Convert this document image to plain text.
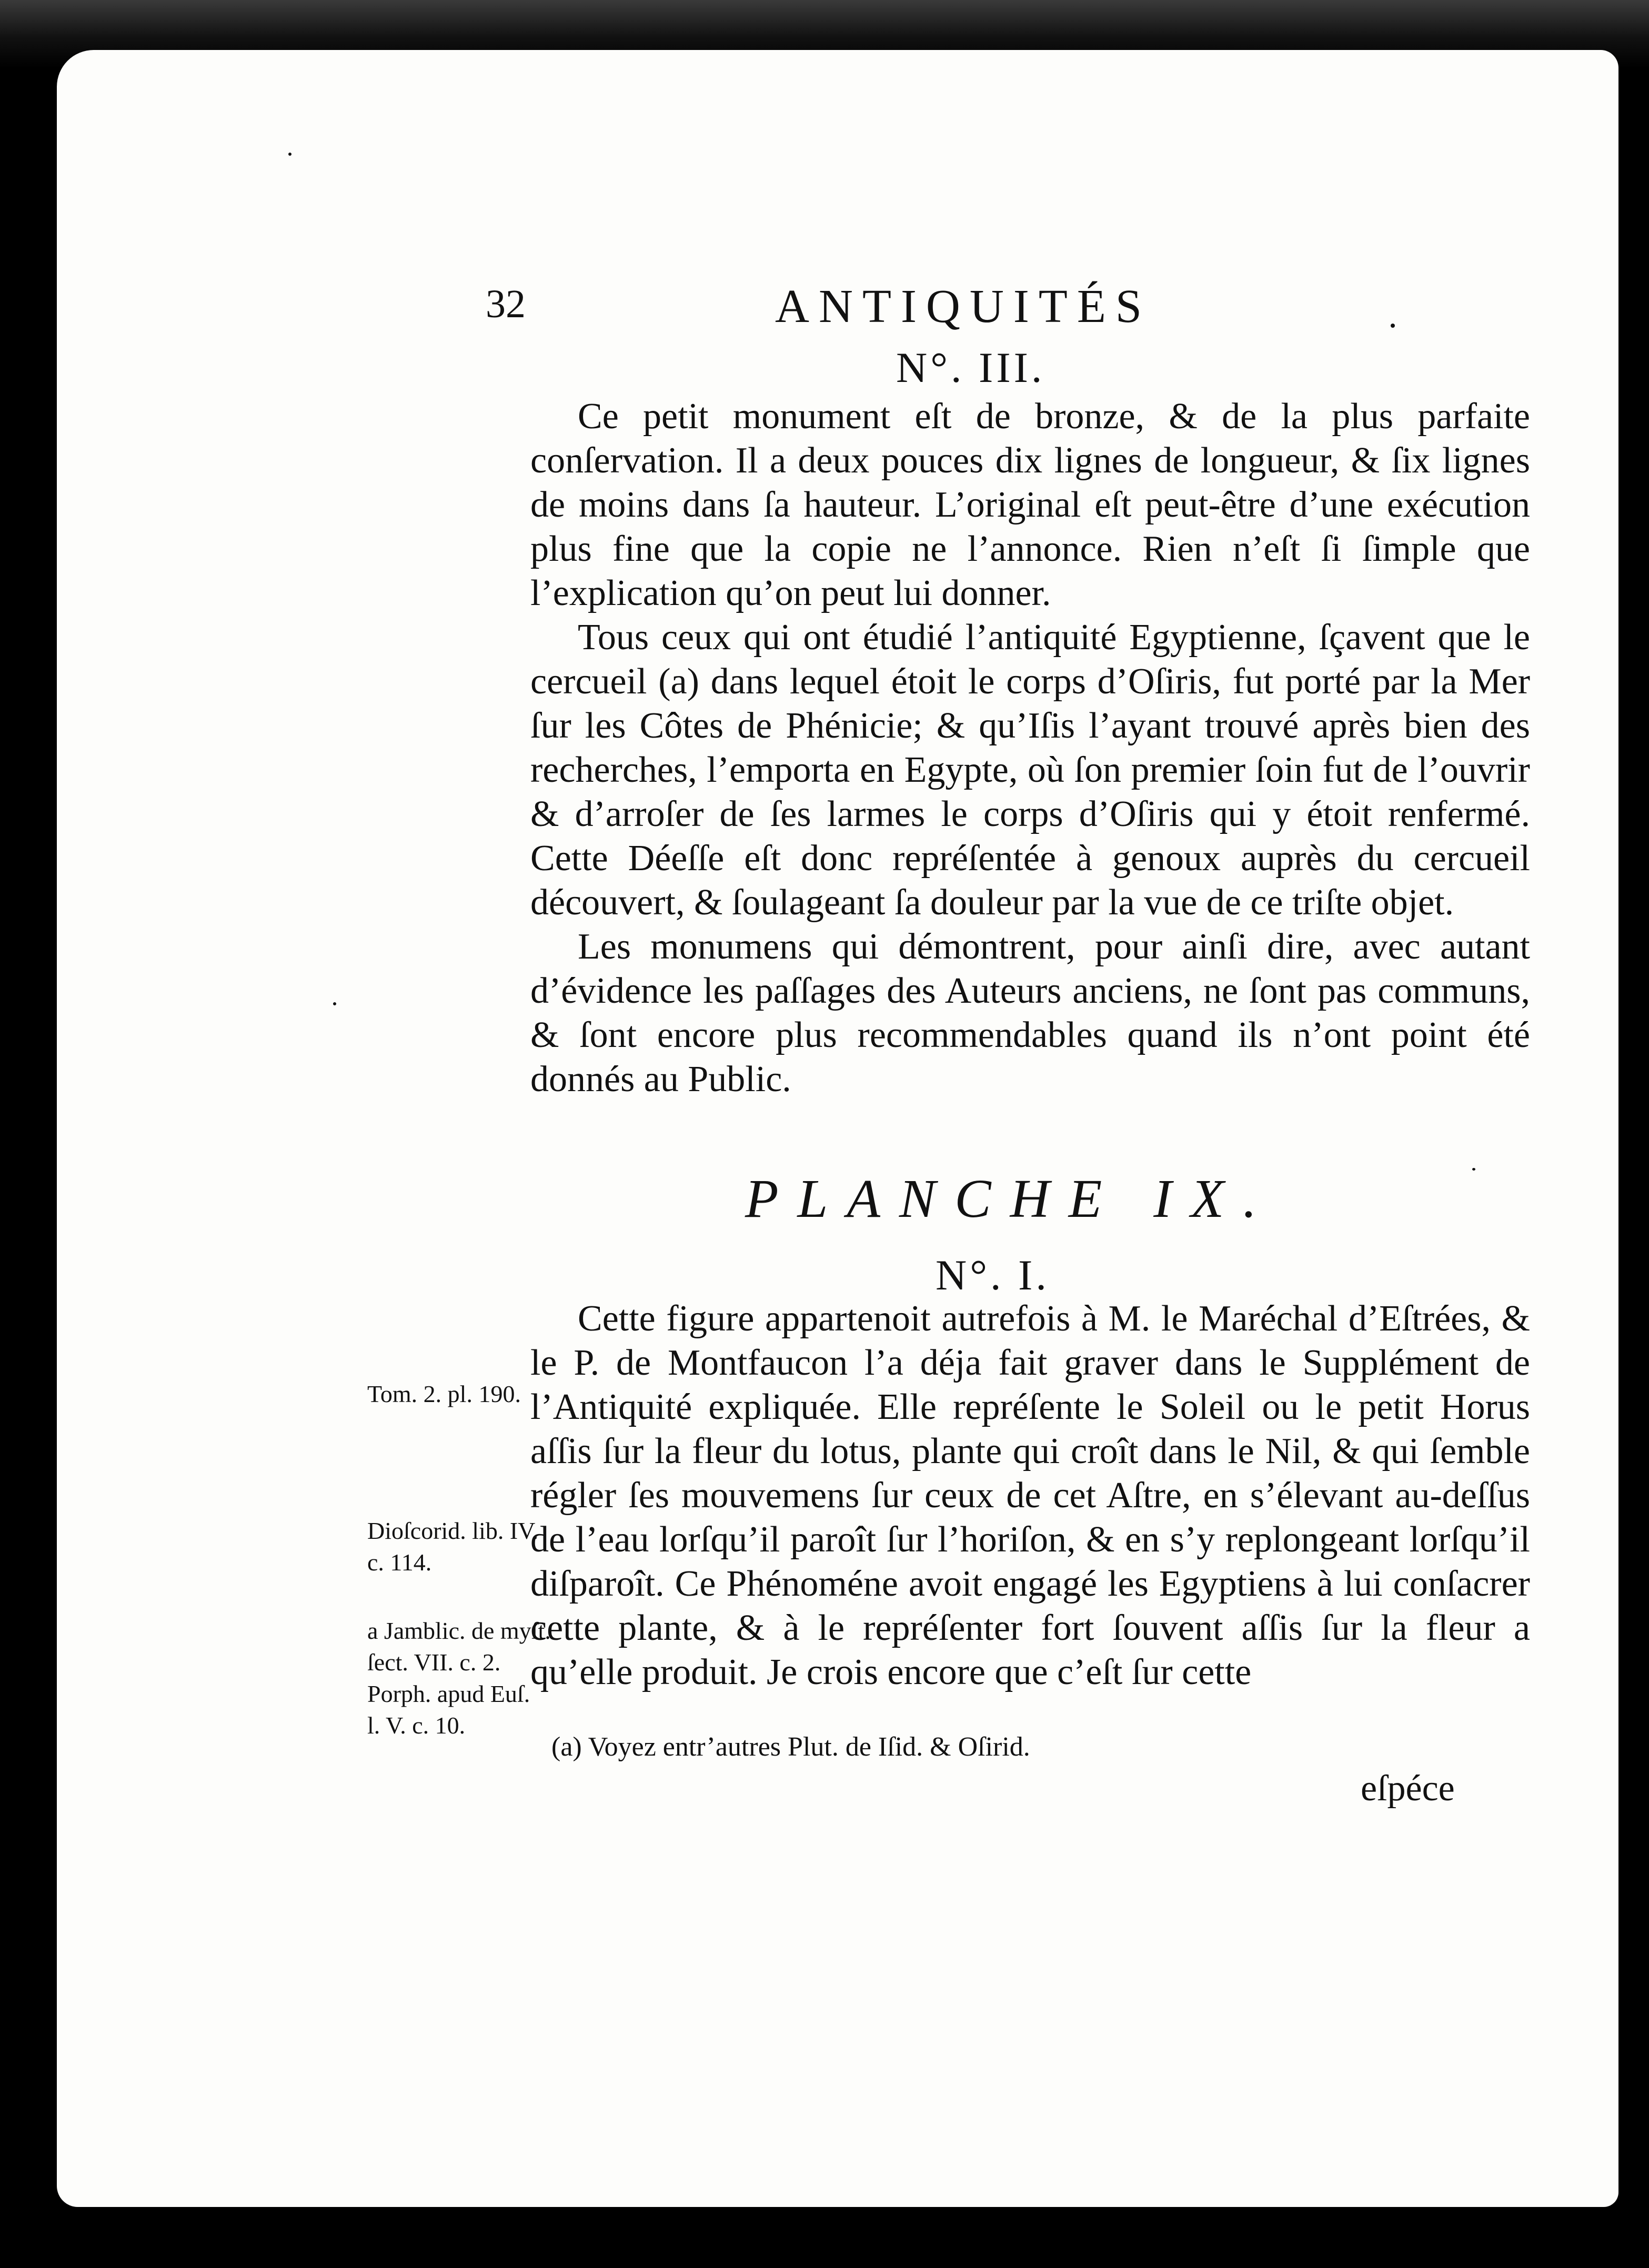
32	ANTIQUITÉS
N°. III.

Ce petit monument eſt de bronze, & de la plus parfaite conſervation. Il a deux pouces dix lignes de longueur, & ſix lignes de moins dans ſa hauteur. L’original eſt peut-être d’une exécution plus fine que la copie ne l’annonce. Rien n’eſt ſi ſimple que l’explication qu’on peut lui donner.

Tous ceux qui ont étudié l’antiquité Egyptienne, ſçavent que le cercueil (a) dans lequel étoit le corps d’Oſiris, fut porté par la Mer ſur les Côtes de Phénicie; & qu’Iſis l’ayant trouvé après bien des recherches, l’emporta en Egypte, où ſon premier ſoin fut de l’ouvrir & d’arroſer de ſes larmes le corps d’Oſiris qui y étoit renfermé. Cette Déeſſe eſt donc repréſentée à genoux auprès du cercueil découvert, & ſoulageant ſa douleur par la vue de ce triſte objet.

Les monumens qui démontrent, pour ainſi dire, avec autant d’évidence les paſſages des Auteurs anciens, ne ſont pas communs, & ſont encore plus recommendables quand ils n’ont point été donnés au Public.

PLANCHE IX.
N°. I.

Cette figure appartenoit autrefois à M. le Maréchal d’Eſtrées, & le P. de Montfaucon l’a déja fait graver dans le Supplément de l’Antiquité expliquée. Elle repréſente le Soleil ou le petit Horus aſſis ſur la fleur du lotus, plante qui croît dans le Nil, & qui ſemble régler ſes mouvemens ſur ceux de cet Aſtre, en s’élevant au-deſſus de l’eau lorſqu’il paroît ſur l’horiſon, & en s’y replongeant lorſqu’il diſparoît. Ce Phénoméne avoit engagé les Egyptiens à lui conſacrer cette plante, & à le repréſenter fort ſouvent aſſis ſur la fleur a qu’elle produit. Je crois encore que c’eſt ſur cette

Tom. 2. pl. 190.
Dioſcorid. lib. IV.
c. 114.
a Jamblic. de myſt.
ſect. VII. c. 2.
Porph. apud Euſ.
l. V. c. 10.
(a) Voyez entr’autres Plut. de Iſid. & Oſirid.
eſpéce
